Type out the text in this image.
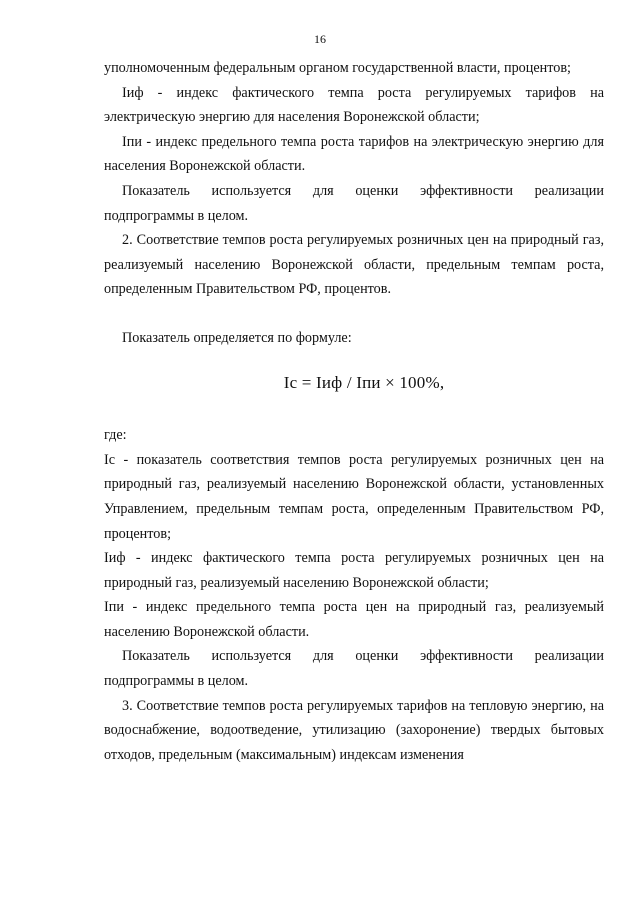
16

уполномоченным федеральным органом государственной власти, процентов;

Iиф - индекс фактического темпа роста регулируемых тарифов на электрическую энергию для населения Воронежской области;

Iпи - индекс предельного темпа роста тарифов на электрическую энергию для населения Воронежской области.

Показатель используется для оценки эффективности реализации подпрограммы в целом.

2. Соответствие темпов роста регулируемых розничных цен на природный газ, реализуемый населению Воронежской области, предельным темпам роста, определенным Правительством РФ, процентов.

Показатель определяется по формуле:

Ic = Iиф / Iпи × 100%,

где:

Ic - показатель соответствия темпов роста регулируемых розничных цен на природный газ, реализуемый населению Воронежской области, установленных Управлением, предельным темпам роста, определенным Правительством РФ, процентов;

Iиф - индекс фактического темпа роста регулируемых розничных цен на природный газ, реализуемый населению Воронежской области;

Iпи - индекс предельного темпа роста цен на природный газ, реализуемый населению Воронежской области.

Показатель используется для оценки эффективности реализации подпрограммы в целом.

3. Соответствие темпов роста регулируемых тарифов на тепловую энергию, на водоснабжение, водоотведение, утилизацию (захоронение) твердых бытовых отходов, предельным (максимальным) индексам изменения
